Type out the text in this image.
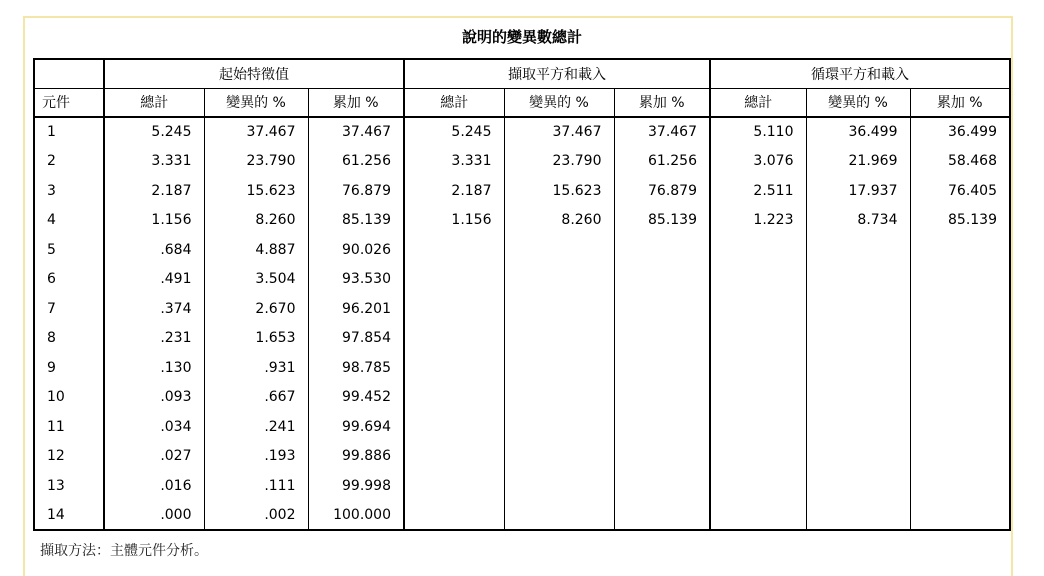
說明的變異數總計
	起始特徵值			擷取平方和載入			循環平方和載入		
元件	總計	變異的 %	累加 %	總計	變異的 %	累加 %	總計	變異的 %	累加 %
1	5.245	37.467	37.467	5.245	37.467	37.467	5.110	36.499	36.499
2	3.331	23.790	61.256	3.331	23.790	61.256	3.076	21.969	58.468
3	2.187	15.623	76.879	2.187	15.623	76.879	2.511	17.937	76.405
4	1.156	8.260	85.139	1.156	8.260	85.139	1.223	8.734	85.139
5	.684	4.887	90.026						
6	.491	3.504	93.530						
7	.374	2.670	96.201						
8	.231	1.653	97.854						
9	.130	.931	98.785						
10	.093	.667	99.452						
11	.034	.241	99.694						
12	.027	.193	99.886						
13	.016	.111	99.998						
14	.000	.002	100.000						
擷取方法：主體元件分析。
